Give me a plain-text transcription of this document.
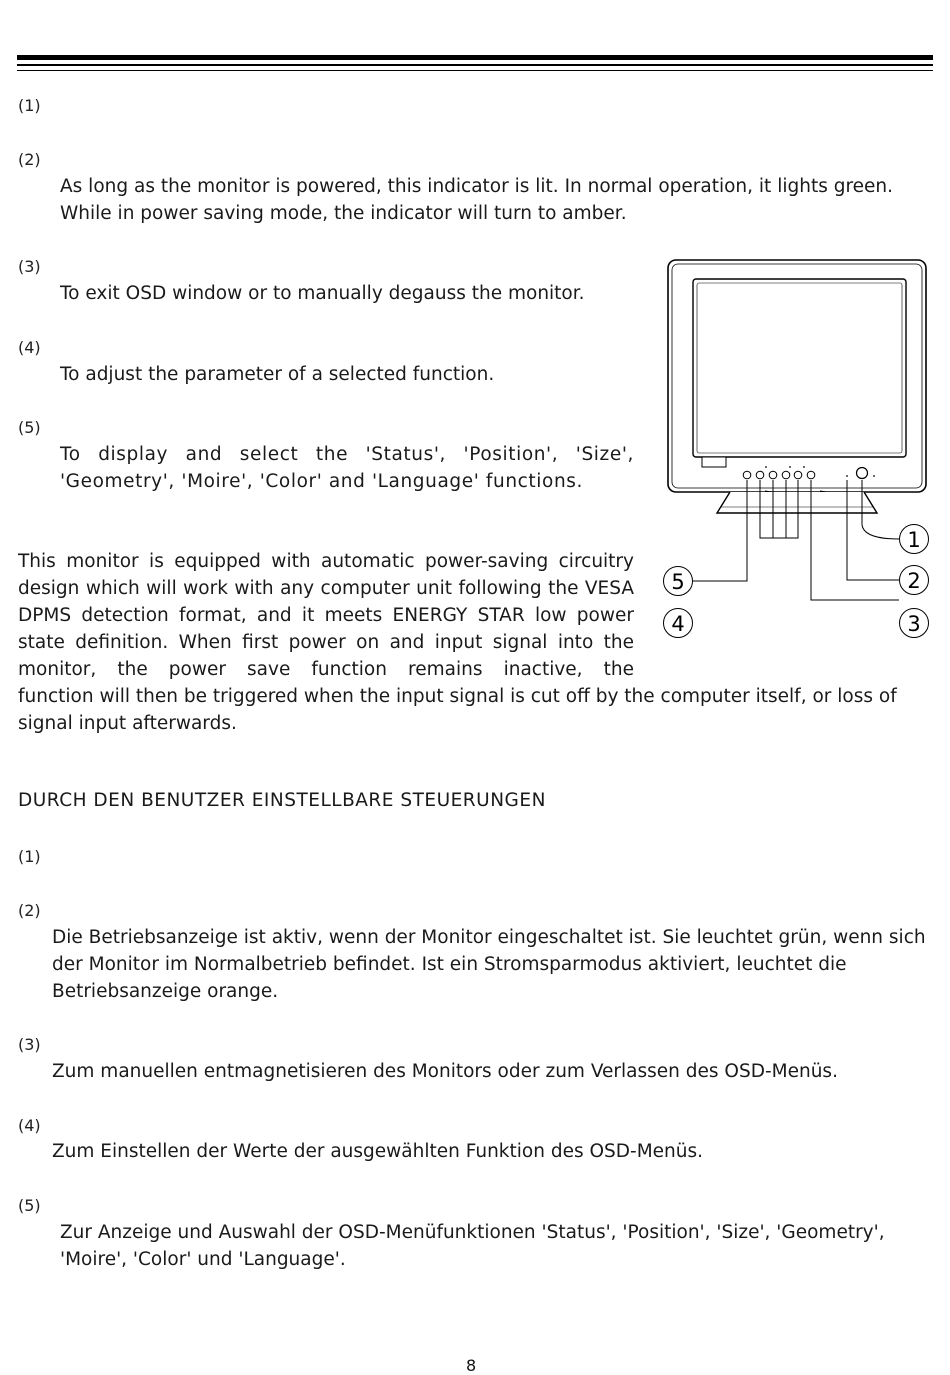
(1)
(2)
As long as the monitor is powered, this indicator is lit. In normal operation, it lights green. While in power saving mode, the indicator will turn to amber.
(3)
To exit OSD window or to manually degauss the monitor.
(4)
To adjust the parameter of a selected function.
(5)
To display and select the 'Status', 'Position', 'Size', 'Geometry', 'Moire', 'Color' and 'Language' functions.
This monitor is equipped with automatic power-saving circuitry design which will work with any computer unit following the VESA DPMS detection format, and it meets ENERGY STAR low power state definition. When first power on and input signal into the monitor, the power save function remains inactive, the
function will then be triggered when the input signal is cut off by the computer itself, or loss of signal input afterwards.
1
2
3
5
4
DURCH DEN BENUTZER EINSTELLBARE STEUERUNGEN
(1)
(2)
Die Betriebsanzeige ist aktiv, wenn der Monitor eingeschaltet ist. Sie leuchtet grün, wenn sich der Monitor im Normalbetrieb befindet. Ist ein Stromsparmodus aktiviert, leuchtet die Betriebsanzeige orange.
(3)
Zum manuellen entmagnetisieren des Monitors oder zum Verlassen des OSD-Menüs.
(4)
Zum Einstellen der Werte der ausgewählten Funktion des OSD-Menüs.
(5)
Zur Anzeige und Auswahl der OSD-Menüfunktionen 'Status', 'Position', 'Size', 'Geometry', 'Moire', 'Color' und 'Language'.
8
